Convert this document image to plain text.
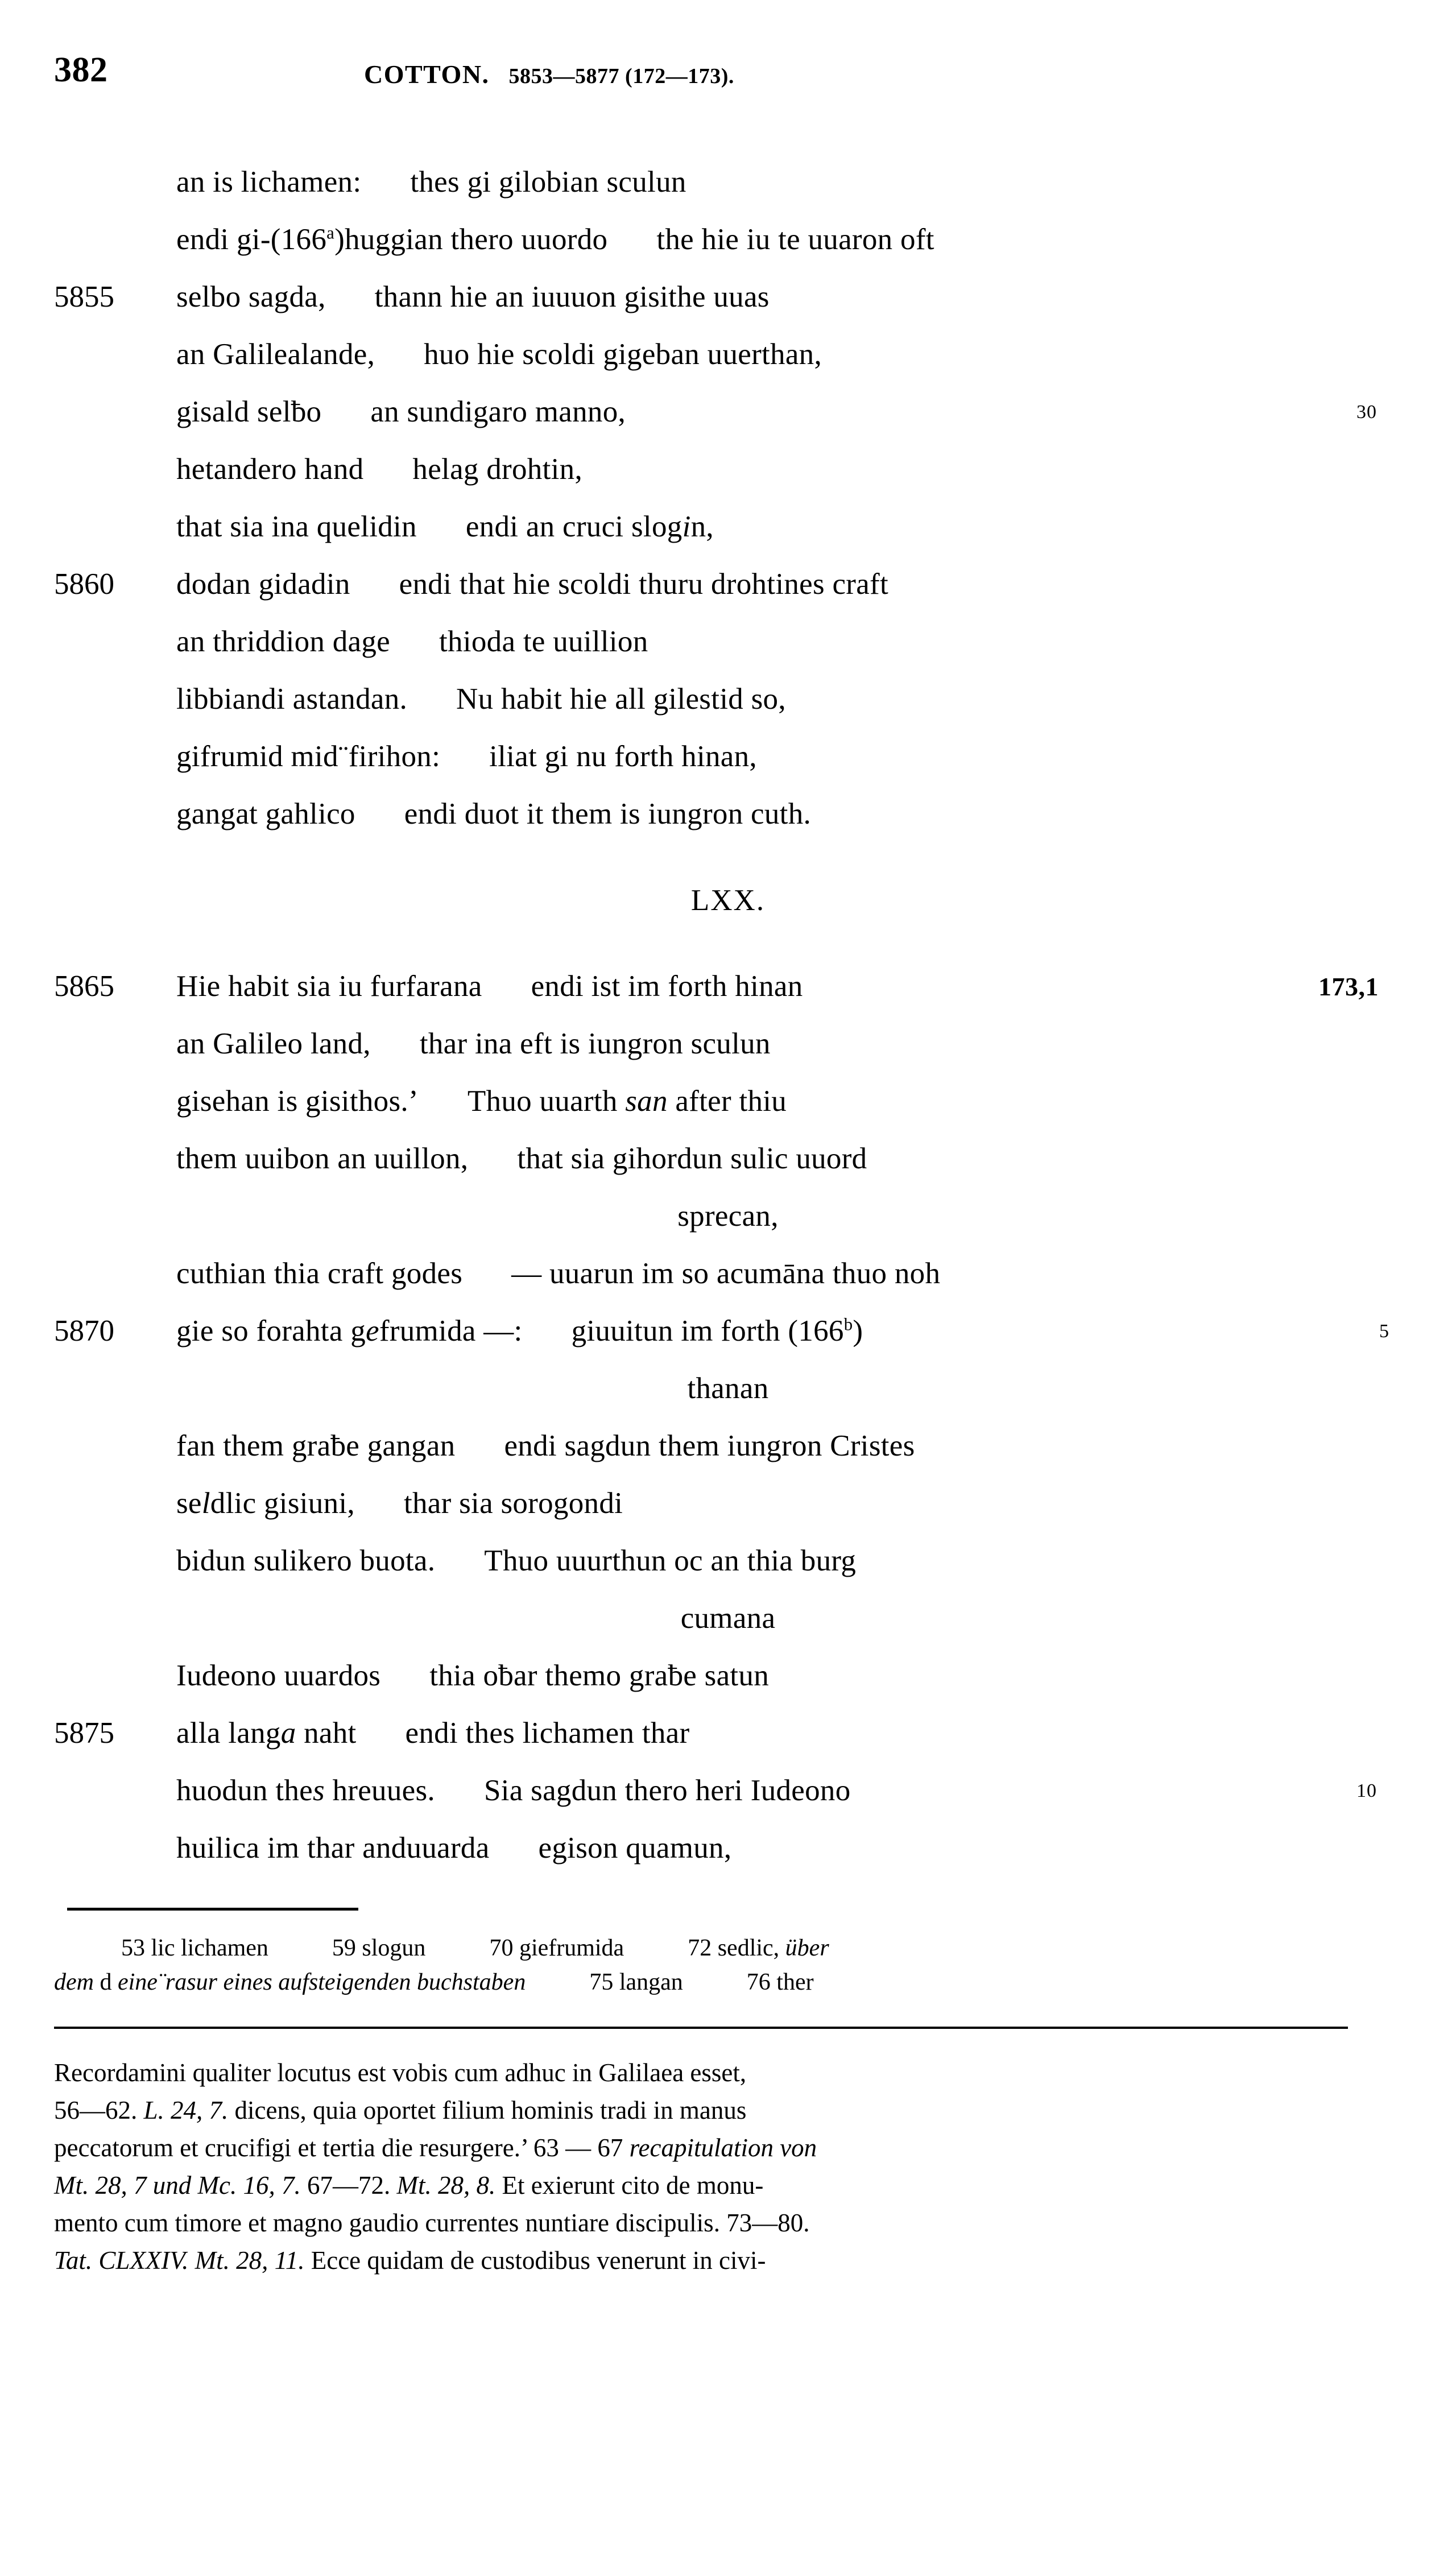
382	COTTON. 5853—5877 (172—173).
an is lichamen: thes gi gilobian sculun
endi gi-(166$^a$)huggian thero uuordo the hie iu te uuaron oft
5855	selbo sagda, thann hie an iuuuon gisithe uuas
an Galilealande, huo hie scoldi gigeban uuerthan,
gisald selƀo an sundigaro manno,	30
hetandero hand helag drohtin,
that sia ina quelidin endi an cruci slogin,
5860	dodan gidadin endi that hie scoldi thuru drohtines craft
an thriddion dage thioda te uuillion
libbiandi astandan. Nu habit hie all gilestid so,
gifrumid mid¨firihon: iliat gi nu forth hinan,
gangat gahlico endi duot it them is iungron cuth.
LXX.
5865	Hie habit sia iu furfarana endi ist im forth hinan	173,1
an Galileo land, thar ina eft is iungron sculun
gisehan is gisithos.’ Thuo uuarth san after thiu
them uuibon an uuillon, that sia gihordun sulic uuord
sprecan,
cuthian thia craft godes — uuarun im so acumāna thuo noh
5870	gie so forahta gefrumida —: giuuitun im forth (166$^b$)	5
thanan
fan them graƀe gangan endi sagdun them iungron Cristes
seldlic gisiuni, thar sia sorogondi
bidun sulikero buota. Thuo uuurthun oc an thia burg
cumana
Iudeono uuardos thia oƀar themo graƀe satun
5875	alla langa naht endi thes lichamen thar
huodun thes hreuues. Sia sagdun thero heri Iudeono	10
huilica im thar anduuarda egison quamun,
53 lic lichamen	59 slogun	70 giefrumida	72 sedlic, über
dem d eine¨rasur eines aufsteigenden buchstaben	75 langan	76 ther
Recordamini qualiter locutus est vobis cum adhuc in Galilaea esset,
56—62. L. 24, 7. dicens, quia oportet filium hominis tradi in manus
peccatorum et crucifigi et tertia die resurgere.’ 63 — 67 recapitulation von
Mt. 28, 7 und Mc. 16, 7. 67—72. Mt. 28, 8. Et exierunt cito de monu-
mento cum timore et magno gaudio currentes nuntiare discipulis. 73—80.
Tat. CLXXIV. Mt. 28, 11. Ecce quidam de custodibus venerunt in civi-
